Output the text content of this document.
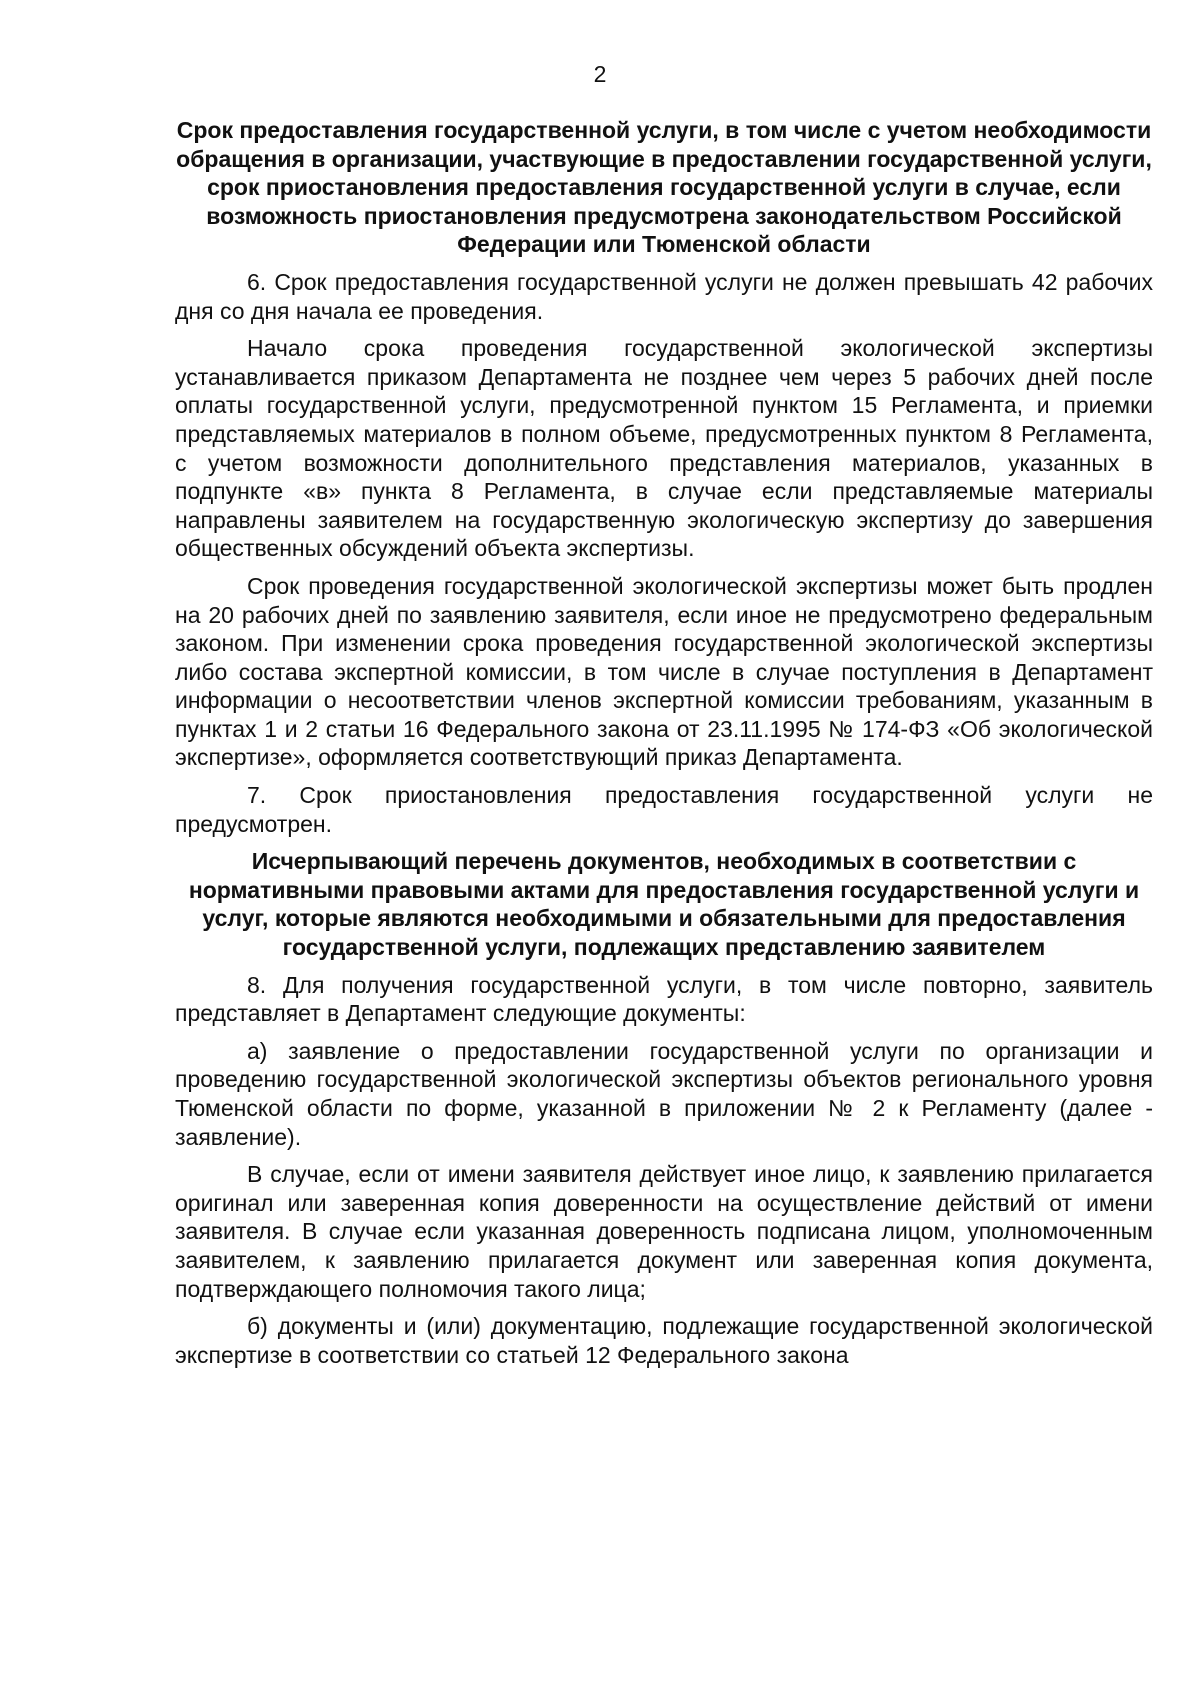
2
Срок предоставления государственной услуги, в том числе с учетом необходимости обращения в организации, участвующие в предоставлении государственной услуги, срок приостановления предоставления государственной услуги в случае, если возможность приостановления предусмотрена законодательством Российской Федерации или Тюменской области

6. Срок предоставления государственной услуги не должен превышать 42 рабочих дня со дня начала ее проведения.

Начало срока проведения государственной экологической экспертизы устанавливается приказом Департамента не позднее чем через 5 рабочих дней после оплаты государственной услуги, предусмотренной пунктом 15 Регламента, и приемки представляемых материалов в полном объеме, предусмотренных пунктом 8 Регламента, с учетом возможности дополнительного представления материалов, указанных в подпункте «в» пункта 8 Регламента, в случае если представляемые материалы направлены заявителем на государственную экологическую экспертизу до завершения общественных обсуждений объекта экспертизы.

Срок проведения государственной экологической экспертизы может быть продлен на 20 рабочих дней по заявлению заявителя, если иное не предусмотрено федеральным законом. При изменении срока проведения государственной экологической экспертизы либо состава экспертной комиссии, в том числе в случае поступления в Департамент информации о несоответствии членов экспертной комиссии требованиям, указанным в пунктах 1 и 2 статьи 16 Федерального закона от 23.11.1995 № 174-ФЗ «Об экологической экспертизе», оформляется соответствующий приказ Департамента.

7. Срок приостановления предоставления государственной услуги не предусмотрен.

Исчерпывающий перечень документов, необходимых в соответствии с нормативными правовыми актами для предоставления государственной услуги и услуг, которые являются необходимыми и обязательными для предоставления государственной услуги, подлежащих представлению заявителем

8. Для получения государственной услуги, в том числе повторно, заявитель представляет в Департамент следующие документы:

а) заявление о предоставлении государственной услуги по организации и проведению государственной экологической экспертизы объектов регионального уровня Тюменской области по форме, указанной в приложении № 2 к Регламенту (далее - заявление).

В случае, если от имени заявителя действует иное лицо, к заявлению прилагается оригинал или заверенная копия доверенности на осуществление действий от имени заявителя. В случае если указанная доверенность подписана лицом, уполномоченным заявителем, к заявлению прилагается документ или заверенная копия документа, подтверждающего полномочия такого лица;

б) документы и (или) документацию, подлежащие государственной экологической экспертизе в соответствии со статьей 12 Федерального закона
